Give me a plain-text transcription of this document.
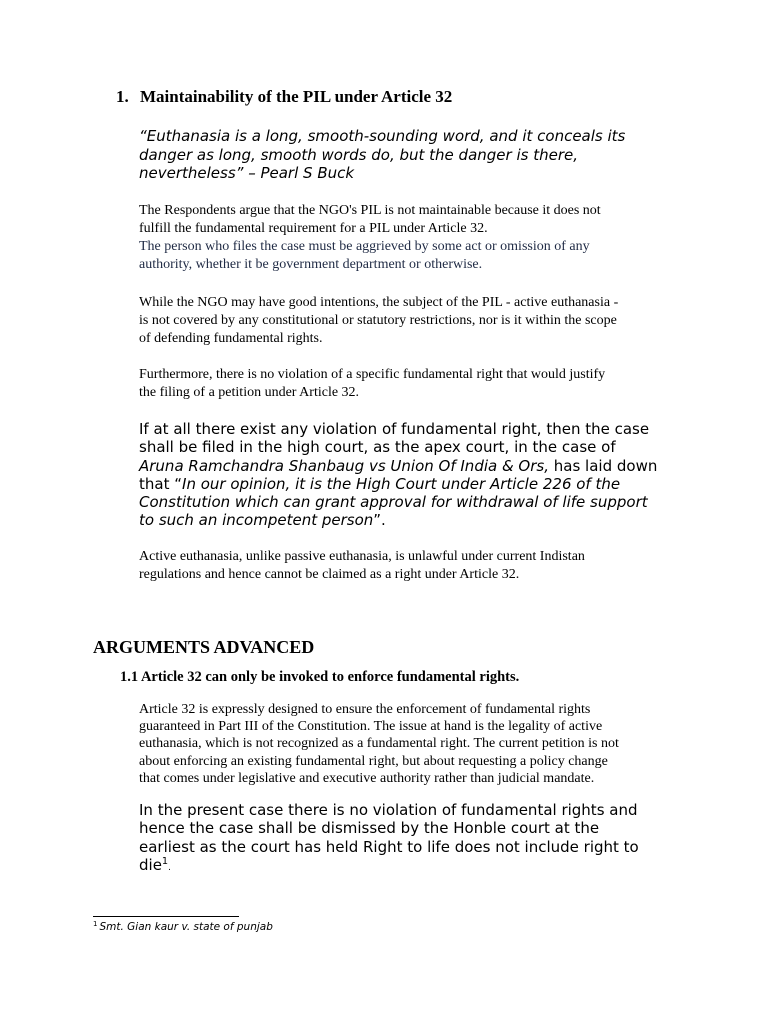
1. Maintainability of the PIL under Article 32
“Euthanasia is a long, smooth-sounding word, and it conceals its
danger as long, smooth words do, but the danger is there,
nevertheless” – Pearl S Buck
The Respondents argue that the NGO's PIL is not maintainable because it does not
fulfill the fundamental requirement for a PIL under Article 32.
The person who files the case must be aggrieved by some act or omission of any
authority, whether it be government department or otherwise.
While the NGO may have good intentions, the subject of the PIL - active euthanasia -
is not covered by any constitutional or statutory restrictions, nor is it within the scope
of defending fundamental rights.
Furthermore, there is no violation of a specific fundamental right that would justify
the filing of a petition under Article 32.
If at all there exist any violation of fundamental right, then the case
shall be filed in the high court, as the apex court, in the case of
Aruna Ramchandra Shanbaug vs Union Of India & Ors, has laid down
that “In our opinion, it is the High Court under Article 226 of the
Constitution which can grant approval for withdrawal of life support
to such an incompetent person”.
Active euthanasia, unlike passive euthanasia, is unlawful under current Indistan
regulations and hence cannot be claimed as a right under Article 32.
ARGUMENTS ADVANCED
1.1 Article 32 can only be invoked to enforce fundamental rights.
Article 32 is expressly designed to ensure the enforcement of fundamental rights
guaranteed in Part III of the Constitution. The issue at hand is the legality of active
euthanasia, which is not recognized as a fundamental right. The current petition is not
about enforcing an existing fundamental right, but about requesting a policy change
that comes under legislative and executive authority rather than judicial mandate.
In the present case there is no violation of fundamental rights and
hence the case shall be dismissed by the Honble court at the
earliest as the court has held Right to life does not include right to
die$^1$.
$^1$ Smt. Gian kaur v. state of punjab
